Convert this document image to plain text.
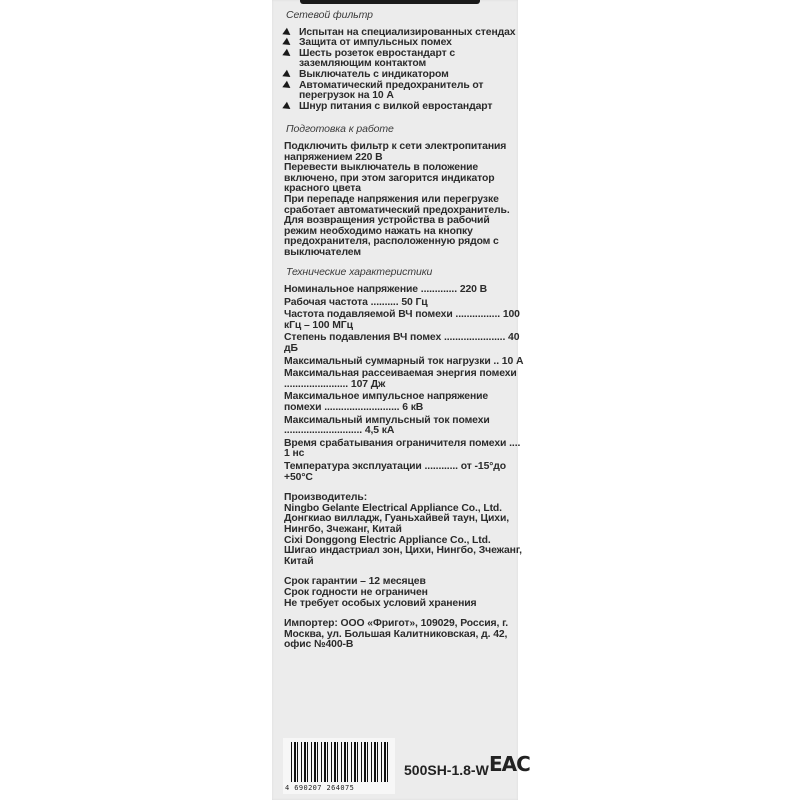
Сетевой фильтр
Испытан на специализированных стендах
Защита от импульсных помех
Шесть розеток евростандарт с заземляющим контактом
Выключатель с индикатором
Автоматический предохранитель от перегрузок на 10 А
Шнур питания с вилкой евростандарт
Подготовка к работе

Подключить фильтр к сети электропитания напряжением 220 В

Перевести выключатель в положение включено, при этом загорится индикатор красного цвета

При перепаде напряжения или перегрузке сработает автоматический предохранитель.

Для возвращения устройства в рабочий режим необходимо нажать на кнопку предохранителя, расположенную рядом с выключателем

Технические характеристики
Номинальное напряжение ............. 220 В
Рабочая частота .......... 50 Гц
Частота подавляемой ВЧ помехи ................ 100 кГц – 100 МГц
Степень подавления ВЧ помех ...................... 40 дБ
Максимальный суммарный ток нагрузки .. 10 А
Максимальная рассеиваемая энергия помехи ....................... 107 Дж
Максимальное импульсное напряжение помехи ........................... 6 кВ
Максимальный импульсный ток помехи ............................ 4,5 кА
Время срабатывания ограничителя помехи .... 1 нс
Температура эксплуатации ............ от -15°до +50°С
Производитель:
Ningbo Gelante Electrical Appliance Co., Ltd.
Донгкиао вилладж, Гуаньхайвей таун, Цихи, Нингбо, Зчежанг, Китай
Cixi Donggong Electric Appliance Co., Ltd.
Шигао индастриал зон, Цихи, Нингбо, Зчежанг, Китай
Срок гарантии – 12 месяцев
Срок годности не ограничен
Не требует особых условий хранения
Импортер: ООО «Фригот», 109029, Россия, г. Москва, ул. Большая Калитниковская, д. 42, офис №400-В
4 690207 264075
500SH-1.8-W EAC
